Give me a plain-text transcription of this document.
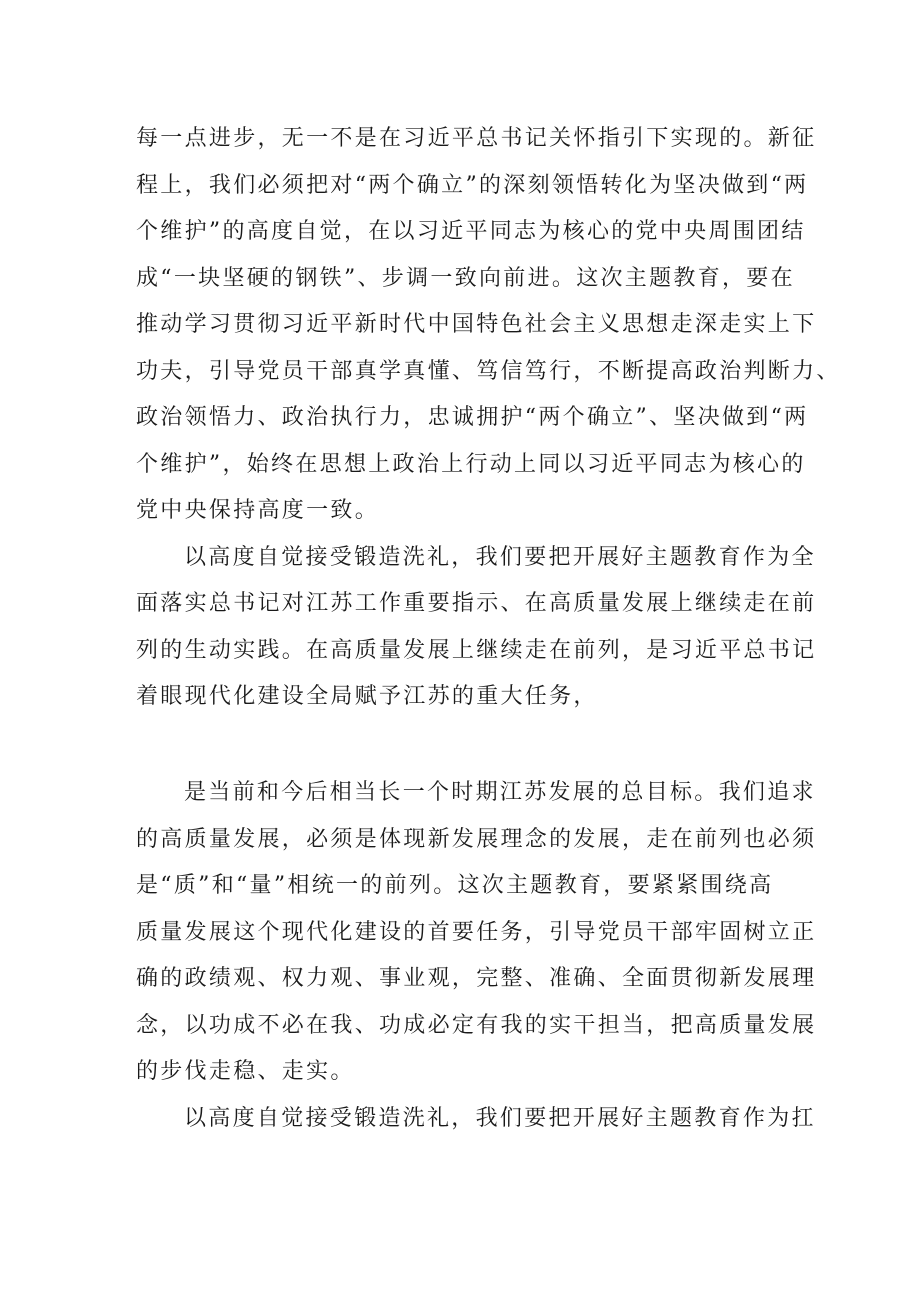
每一点进步，无一不是在习近平总书记关怀指引下实现的。新征
程上，我们必须把对“两个确立”的深刻领悟转化为坚决做到“两
个维护”的高度自觉，在以习近平同志为核心的党中央周围团结
成“一块坚硬的钢铁”、步调一致向前进。这次主题教育，要在
推动学习贯彻习近平新时代中国特色社会主义思想走深走实上下
功夫，引导党员干部真学真懂、笃信笃行，不断提高政治判断力、
政治领悟力、政治执行力，忠诚拥护“两个确立”、坚决做到“两
个维护”，始终在思想上政治上行动上同以习近平同志为核心的
党中央保持高度一致。
以高度自觉接受锻造洗礼，我们要把开展好主题教育作为全
面落实总书记对江苏工作重要指示、在高质量发展上继续走在前
列的生动实践。在高质量发展上继续走在前列，是习近平总书记
着眼现代化建设全局赋予江苏的重大任务，
是当前和今后相当长一个时期江苏发展的总目标。我们追求
的高质量发展，必须是体现新发展理念的发展，走在前列也必须
是“质”和“量”相统一的前列。这次主题教育，要紧紧围绕高
质量发展这个现代化建设的首要任务，引导党员干部牢固树立正
确的政绩观、权力观、事业观，完整、准确、全面贯彻新发展理
念，以功成不必在我、功成必定有我的实干担当，把高质量发展
的步伐走稳、走实。
以高度自觉接受锻造洗礼，我们要把开展好主题教育作为扛
